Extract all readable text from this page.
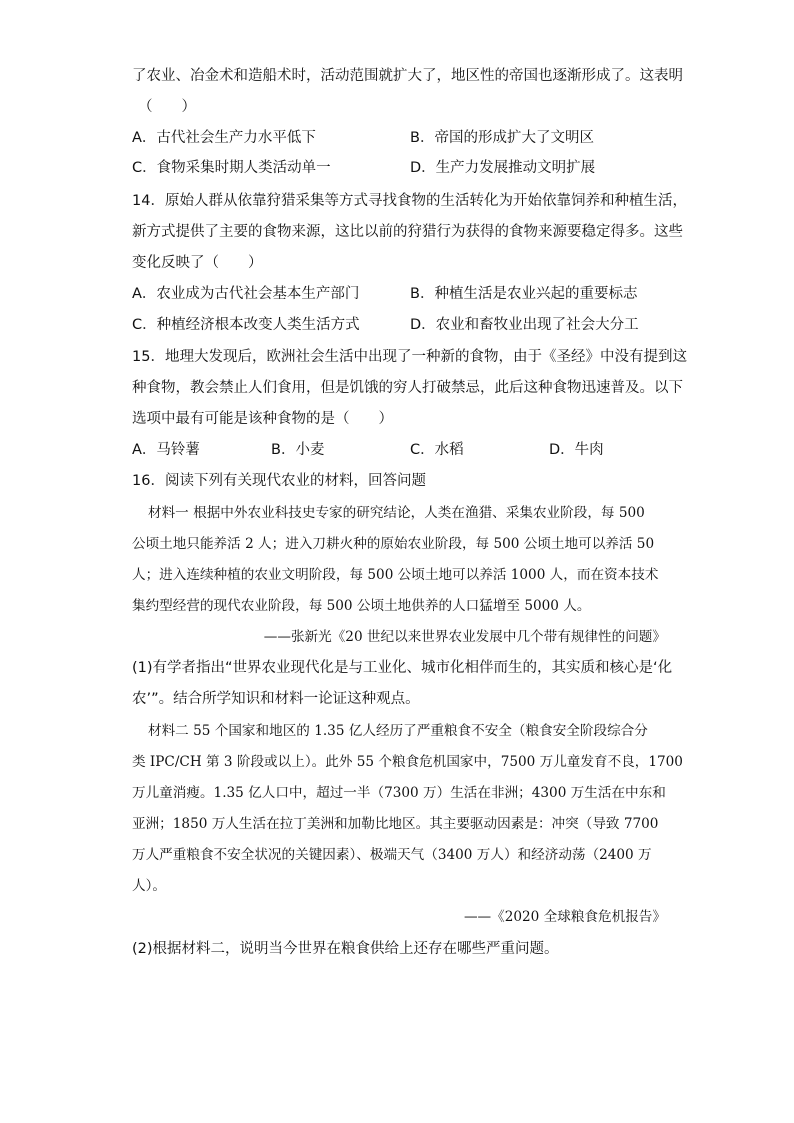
了农业、冶金术和造船术时，活动范围就扩大了，地区性的帝国也逐渐形成了。这表明
（　　）
A．古代社会生产力水平低下	B．帝国的形成扩大了文明区
C．食物采集时期人类活动单一	D．生产力发展推动文明扩展
14．原始人群从依靠狩猎采集等方式寻找食物的生活转化为开始依靠饲养和种植生活，
新方式提供了主要的食物来源，这比以前的狩猎行为获得的食物来源要稳定得多。这些
变化反映了（　　）
A．农业成为古代社会基本生产部门	B．种植生活是农业兴起的重要标志
C．种植经济根本改变人类生活方式	D．农业和畜牧业出现了社会大分工
15．地理大发现后，欧洲社会生活中出现了一种新的食物，由于《圣经》中没有提到这
种食物，教会禁止人们食用，但是饥饿的穷人打破禁忌，此后这种食物迅速普及。以下
选项中最有可能是该种食物的是（　　）
A．马铃薯	B．小麦	C．水稻	D．牛肉
16．阅读下列有关现代农业的材料，回答问题
材料一 根据中外农业科技史专家的研究结论，人类在渔猎、采集农业阶段，每 500
公顷土地只能养活 2 人；进入刀耕火种的原始农业阶段，每 500 公顷土地可以养活 50
人；进入连续种植的农业文明阶段，每 500 公顷土地可以养活 1000 人，而在资本技术
集约型经营的现代农业阶段，每 500 公顷土地供养的人口猛增至 5000 人。
——张新光《20 世纪以来世界农业发展中几个带有规律性的问题》
(1)有学者指出“世界农业现代化是与工业化、城市化相伴而生的，其实质和核心是‘化
农’”。结合所学知识和材料一论证这种观点。
材料二 55 个国家和地区的 1.35 亿人经历了严重粮食不安全（粮食安全阶段综合分
类 IPC/CH 第 3 阶段或以上）。此外 55 个粮食危机国家中，7500 万儿童发育不良，1700
万儿童消瘦。1.35 亿人口中，超过一半（7300 万）生活在非洲；4300 万生活在中东和
亚洲；1850 万人生活在拉丁美洲和加勒比地区。其主要驱动因素是：冲突（导致 7700
万人严重粮食不安全状况的关键因素）、极端天气（3400 万人）和经济动荡（2400 万
人）。
——《2020 全球粮食危机报告》
(2)根据材料二，说明当今世界在粮食供给上还存在哪些严重问题。
